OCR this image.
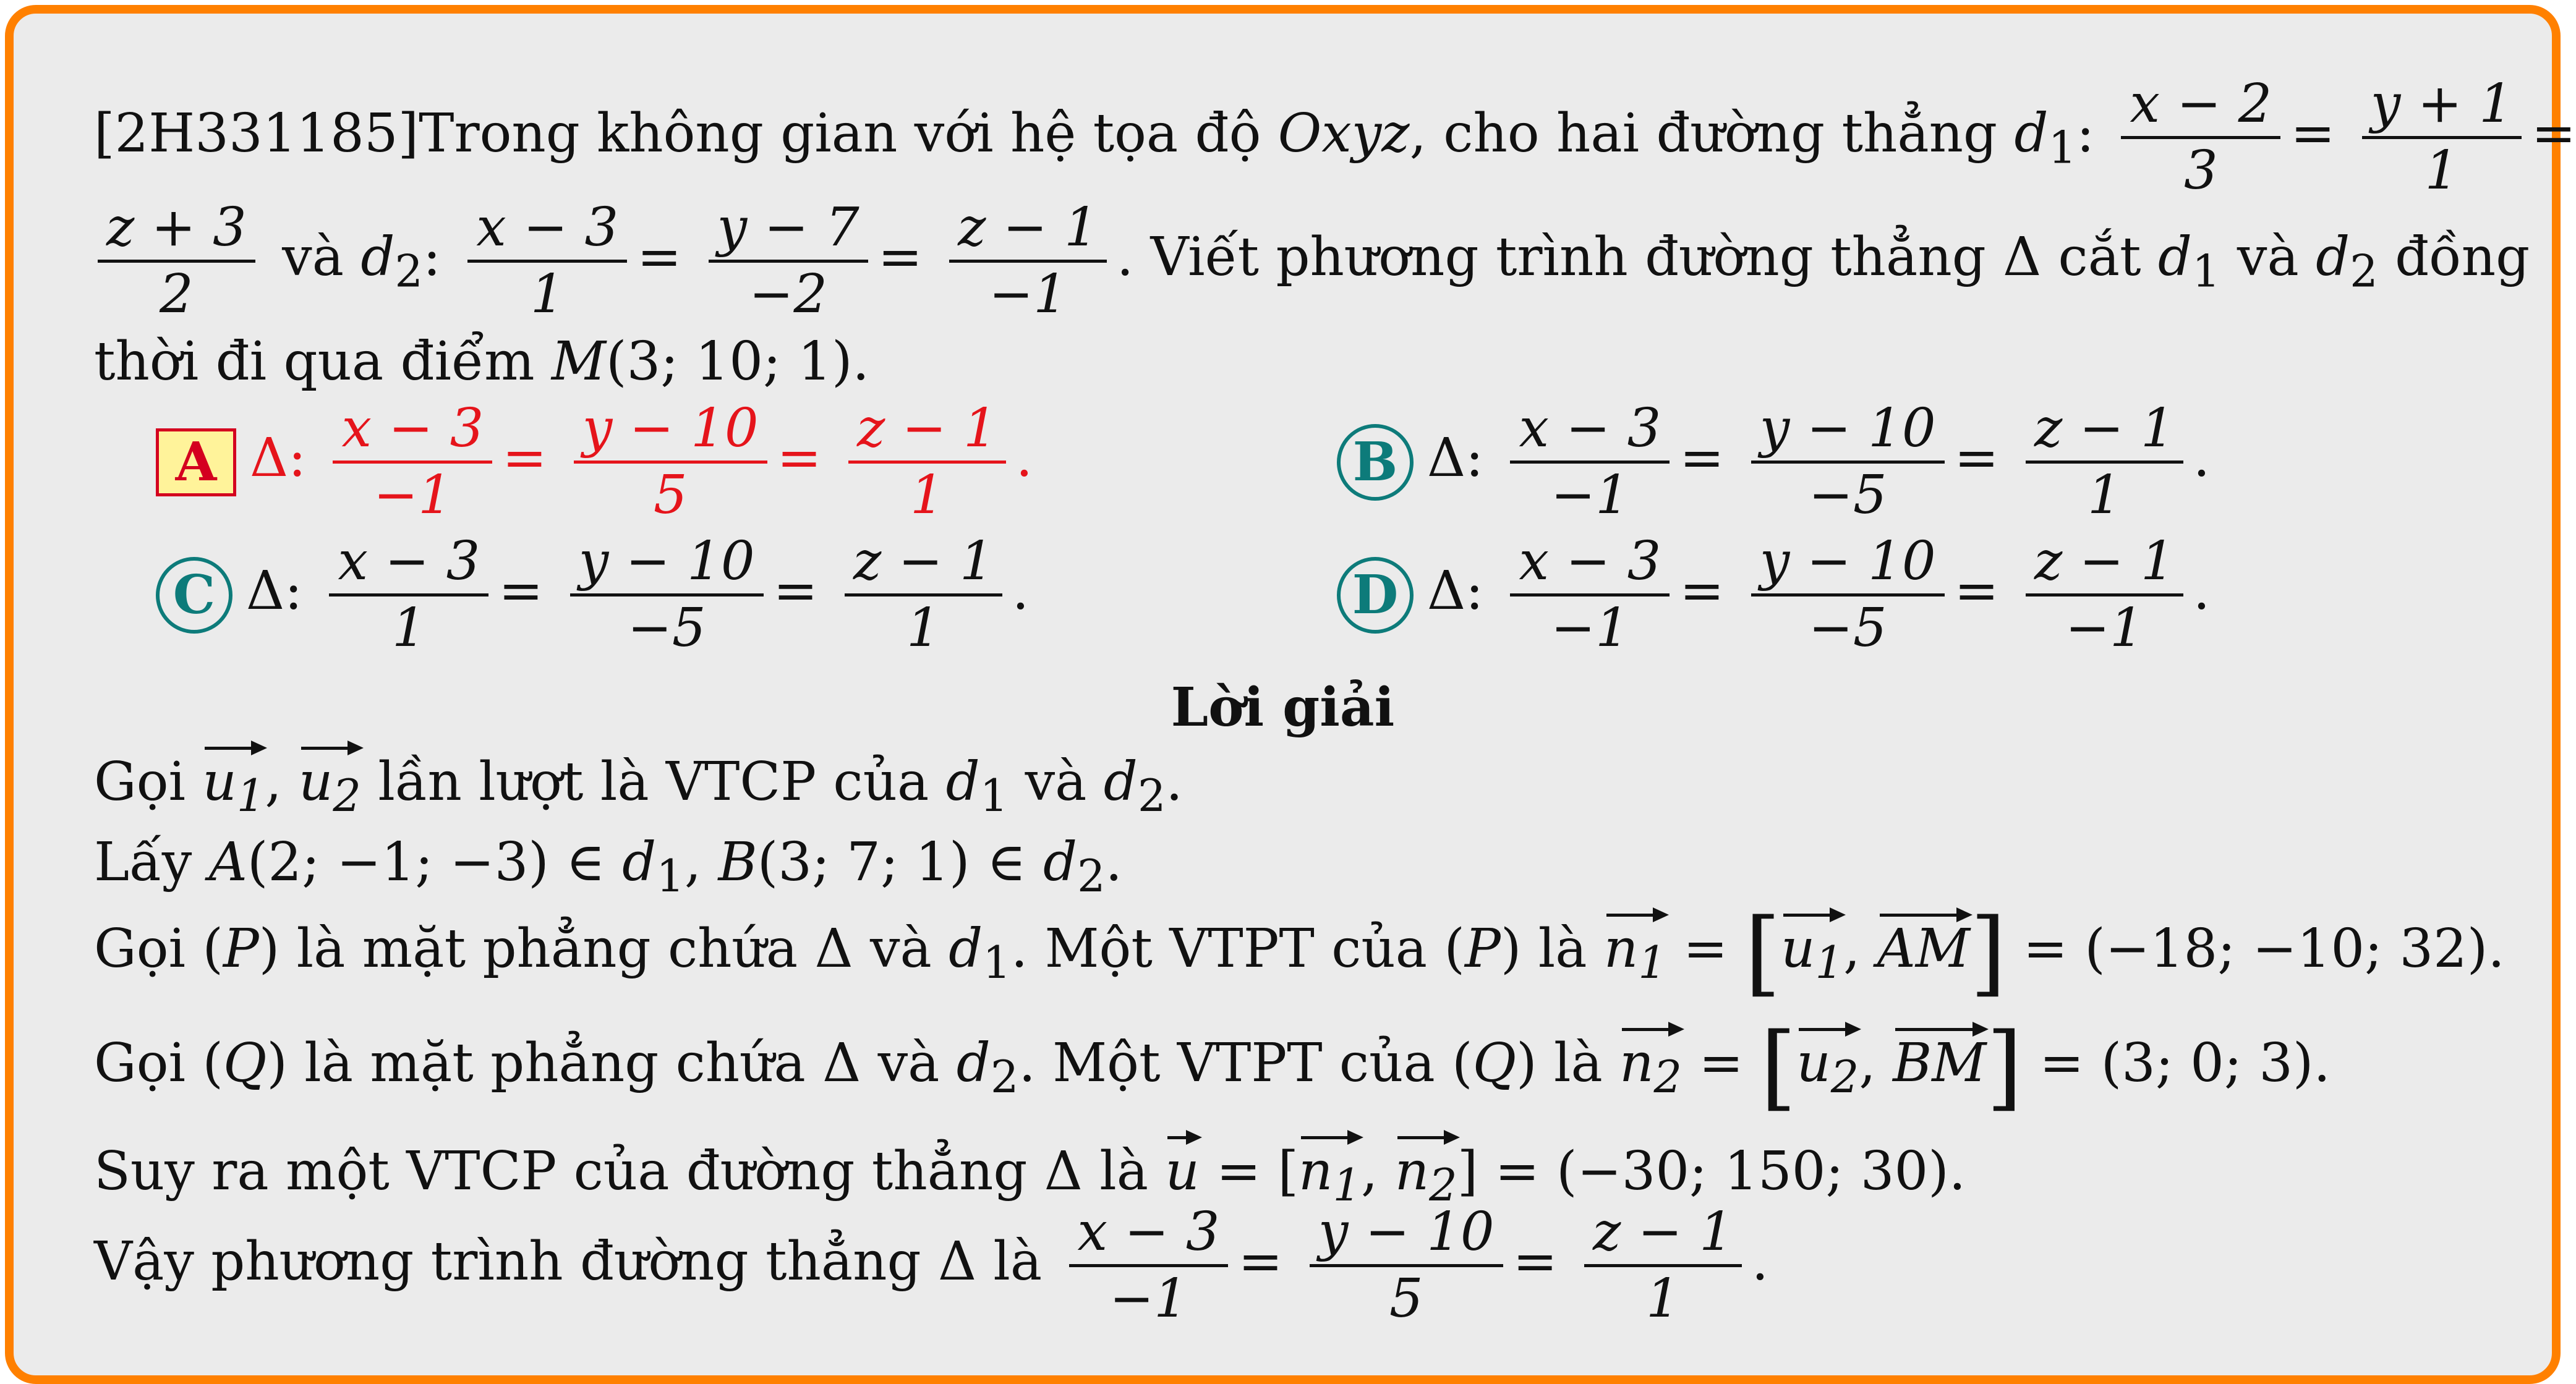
[2H331185]Trong không gian với hệ tọa độ Oxyz, cho hai đường thẳng $d_1$: $\frac{x - 2}{3} = \frac{y + 1}{1}$ =
$\frac{z + 3}{2}$ và $d_2$: $\frac{x - 3}{1} = \frac{y - 7}{-2} = \frac{z - 1}{-1}$ . Viết phương trình đường thẳng Δ cắt $d_1$ và $d_2$ đồng
thời đi qua điểm M(3; 10; 1).
A Δ: $\frac{x - 3}{-1} = \frac{y - 10}{5} = \frac{z - 1}{1}$ .	B Δ: $\frac{x - 3}{-1} = \frac{y - 10}{-5} = \frac{z - 1}{1}$ .
C Δ: $\frac{x - 3}{1} = \frac{y - 10}{-5} = \frac{z - 1}{1}$ .	D Δ: $\frac{x - 3}{-1} = \frac{y - 10}{-5} = \frac{z - 1}{-1}$ .
Lời giải
Gọi $u_1$, $u_2$ lần lượt là VTCP của $d_1$ và $d_2$.
Lấy A(2; −1; −3) ∈ $d_1$, B(3; 7; 1) ∈ $d_2$.
Gọi (P) là mặt phẳng chứa Δ và $d_1$. Một VTPT của (P) là $n_1 = [u_1$, AM] = (−18; −10; 32).
Gọi (Q) là mặt phẳng chứa Δ và $d_2$. Một VTPT của (Q) là $n_2 = [u_2$, BM] = (3; 0; 3).
Suy ra một VTCP của đường thẳng Δ là $u = [n_1$, $n_2] = (-30$; 150; 30).
Vậy phương trình đường thẳng Δ là $\frac{x - 3}{-1} = \frac{y - 10}{5} = \frac{z - 1}{1}$ .
